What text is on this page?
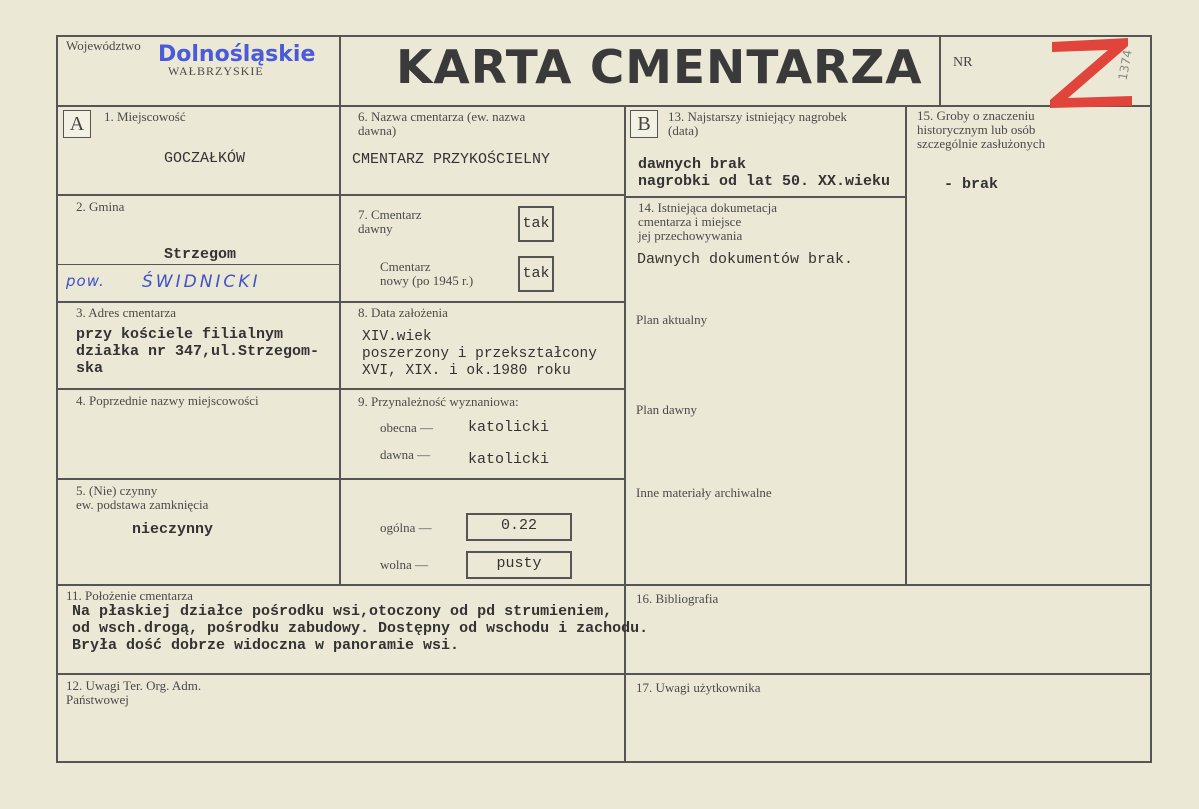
Województwo Dolnośląskie
WAŁBRZYSKIE	KARTA CMENTARZA NR	1374
A	1. Miejscowość
GOCZAŁKÓW
2. Gmina
Strzegom
pow. ŚWIDNICKI
3. Adres cmentarza
przy kościele filialnym
działka nr 347,ul.Strzegom-
ska
4. Poprzednie nazwy miejscowości
5. (Nie) czynny
ew. podstawa zamknięcia
nieczynny
6. Nazwa cmentarza (ew. nazwa
dawna)
CMENTARZ PRZYKOŚCIELNY
7. Cmentarz
dawny	tak
Cmentarz
nowy (po 1945 r.)	tak
8. Data założenia
XIV.wiek
poszerzony i przekształcony
XVI, XIX. i ok.1980 roku
9. Przynależność wyznaniowa:
obecna — katolicki
dawna —	katolicki
ogólna —	0.22
wolna —	pusty
B	13. Najstarszy istniejący nagrobek
(data)
dawnych brak
nagrobki od lat 50. XX.wieku
14. Istniejąca dokumetacja
cmentarza i miejsce
jej przechowywania
Dawnych dokumentów brak.
Plan aktualny
Plan dawny
Inne materiały archiwalne
15. Groby o znaczeniu
historycznym lub osób
szczególnie zasłużonych
- brak
11. Położenie cmentarza
Na płaskiej działce pośrodku wsi,otoczony od pd strumieniem,
od wsch.drogą, pośrodku zabudowy. Dostępny od wschodu i zachodu.
Bryła dość dobrze widoczna w panoramie wsi.
16. Bibliografia
12. Uwagi Ter. Org. Adm.
Państwowej
17. Uwagi użytkownika
